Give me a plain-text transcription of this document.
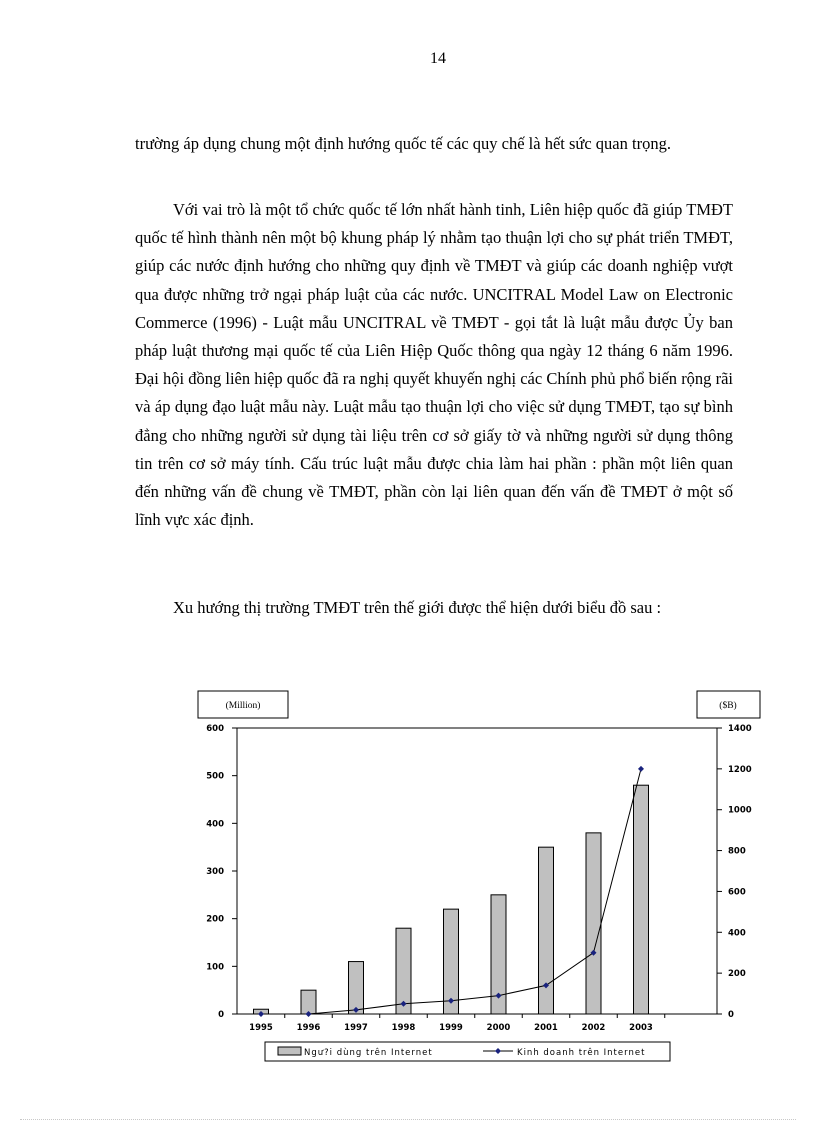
14
trường áp dụng chung một định hướng quốc tế các quy chế là hết sức quan trọng.
Với vai trò là một tổ chức quốc tế lớn nhất hành tinh, Liên hiệp quốc đã giúp TMĐT quốc tế hình thành nên một bộ khung pháp lý nhằm tạo thuận lợi cho sự phát triển TMĐT, giúp các nước định hướng cho những quy định về TMĐT và giúp các doanh nghiệp vượt qua được những trở ngại pháp luật của các nước. UNCITRAL Model Law on Electronic Commerce (1996) - Luật mẫu UNCITRAL về TMĐT - gọi tắt là luật mẫu được Ủy ban pháp luật thương mại quốc tế của Liên Hiệp Quốc thông qua ngày 12 tháng 6 năm 1996. Đại hội đồng liên hiệp quốc đã ra nghị quyết khuyến nghị các Chính phủ phổ biến rộng rãi và áp dụng đạo luật mẫu này. Luật mẫu tạo thuận lợi cho việc sử dụng TMĐT, tạo sự bình đẳng cho những người sử dụng tài liệu trên cơ sở giấy tờ và những người sử dụng thông tin trên cơ sở máy tính. Cấu trúc luật mẫu được chia làm hai phần : phần một liên quan đến những vấn đề chung về TMĐT, phần còn lại liên quan đến vấn đề TMĐT ở một số lĩnh vực xác định.
Xu hướng thị trường TMĐT trên thế giới được thể hiện dưới biểu đồ sau :
(Million)	($B)
0
100
200
300
400
500
600
0
200
400
600
800
1000
1200
1400
1995	1996	1997	1998	1999	2000	2001	2002	2003
Ngư?i dùng trên Internet	Kinh doanh trên Internet
